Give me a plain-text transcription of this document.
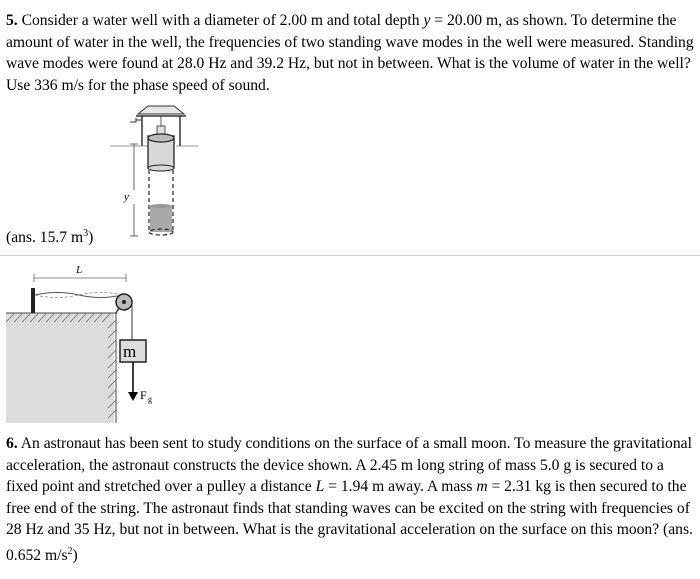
5. Consider a water well with a diameter of 2.00 m and total depth y = 20.00 m, as shown. To determine the amount of water in the well, the frequencies of two standing wave modes in the well were measured. Standing wave modes were found at 28.0 Hz and 39.2 Hz, but not in between. What is the volume of water in the well? Use 336 m/s for the phase speed of sound.

(ans. 15.7 $m^3$)
y
L
m
F g

6. An astronaut has been sent to study conditions on the surface of a small moon. To measure the gravitational acceleration, the astronaut constructs the device shown. A 2.45 m long string of mass 5.0 g is secured to a fixed point and stretched over a pulley a distance L = 1.94 m away. A mass m = 2.31 kg is then secured to the free end of the string. The astronaut finds that standing waves can be excited on the string with frequencies of 28 Hz and 35 Hz, but not in between. What is the gravitational acceleration on the surface on this moon? (ans. 0.652 $m/s^2$)
